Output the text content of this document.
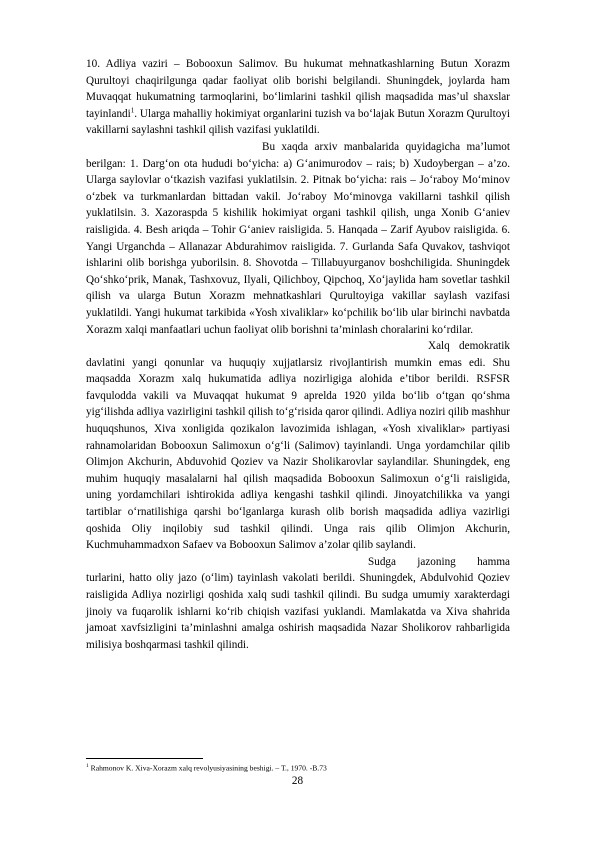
10. Adliya vaziri – Bobooxun Salimov. Bu hukumat mehnatkashlarning Butun Xorazm Qurultoyi chaqirilgunga qadar faoliyat olib borishi belgilandi. Shuningdek, joylarda ham Muvaqqat hukumatning tarmoqlarini, bo‘limlarini tashkil qilish maqsadida mas’ul shaxslar tayinlandi$^1$. Ularga mahalliy hokimiyat organlarini tuzish va bo‘lajak Butun Xorazm Qurultoyi vakillarni saylashni tashkil qilish vazifasi yuklatildi.

Bu xaqda arxiv manbalarida quyidagicha ma’lumot berilgan: 1. Darg‘on ota hududi bo‘yicha: a) G‘animurodov – rais; b) Xudoybergan – a’zo. Ularga saylovlar o‘tkazish vazifasi yuklatilsin. 2. Pitnak bo‘yicha: rais – Jo‘raboy Mo‘minov o‘zbek va turkmanlardan bittadan vakil. Jo‘raboy Mo‘minovga vakillarni tashkil qilish yuklatilsin. 3. Xazoraspda 5 kishilik hokimiyat organi tashkil qilish, unga Xonib G‘aniev raisligida. 4. Besh ariqda – Tohir G‘aniev raisligida. 5. Hanqada – Zarif Ayubov raisligida. 6. Yangi Urganchda – Allanazar Abdurahimov raisligida. 7. Gurlanda Safa Quvakov, tashviqot ishlarini olib borishga yuborilsin. 8. Shovotda – Tillabuyurganov boshchiligida. Shuningdek Qo‘shko‘prik, Manak, Tashxovuz, Ilyali, Qilichboy, Qipchoq, Xo‘jaylida ham sovetlar tashkil qilish va ularga Butun Xorazm mehnatkashlari Qurultoyiga vakillar saylash vazifasi yuklatildi. Yangi hukumat tarkibida «Yosh xivaliklar» ko‘pchilik bo‘lib ular birinchi navbatda Xorazm xalqi manfaatlari uchun faoliyat olib borishni ta’minlash choralarini ko‘rdilar.

Xalq demokratik davlatini yangi qonunlar va huquqiy xujjatlarsiz rivojlantirish mumkin emas edi. Shu maqsadda Xorazm xalq hukumatida adliya nozirligiga alohida e’tibor berildi. RSFSR favqulodda vakili va Muvaqqat hukumat 9 aprelda 1920 yilda bo‘lib o‘tgan qo‘shma yig‘ilishda adliya vazirligini tashkil qilish to‘g‘risida qaror qilindi. Adliya noziri qilib mashhur huquqshunos, Xiva xonligida qozikalon lavozimida ishlagan, «Yosh xivaliklar» partiyasi rahnamolaridan Bobooxun Salimoxun o‘g‘li (Salimov) tayinlandi. Unga yordamchilar qilib Olimjon Akchurin, Abduvohid Qoziev va Nazir Sholikarovlar saylandilar. Shuningdek, eng muhim huquqiy masalalarni hal qilish maqsadida Bobooxun Salimoxun o‘g‘li raisligida, uning yordamchilari ishtirokida adliya kengashi tashkil qilindi. Jinoyatchilikka va yangi tartiblar o‘rnatilishiga qarshi bo‘lganlarga kurash olib borish maqsadida adliya vazirligi qoshida Oliy inqilobiy sud tashkil qilindi. Unga rais qilib Olimjon Akchurin, Kuchmuhammadxon Safaev va Bobooxun Salimov a’zolar qilib saylandi.

Sudga jazoning hamma turlarini, hatto oliy jazo (o‘lim) tayinlash vakolati berildi. Shuningdek, Abdulvohid Qoziev raisligida Adliya nozirligi qoshida xalq sudi tashkil qilindi. Bu sudga umumiy xarakterdagi jinoiy va fuqarolik ishlarni ko‘rib chiqish vazifasi yuklandi. Mamlakatda va Xiva shahrida jamoat xavfsizligini ta’minlashni amalga oshirish maqsadida Nazar Sholikorov rahbarligida milisiya boshqarmasi tashkil qilindi.

$^1$ Rahmonov K. Xiva-Xorazm xalq revolyusiyasining beshigi. – T., 1970. -B.73
28
